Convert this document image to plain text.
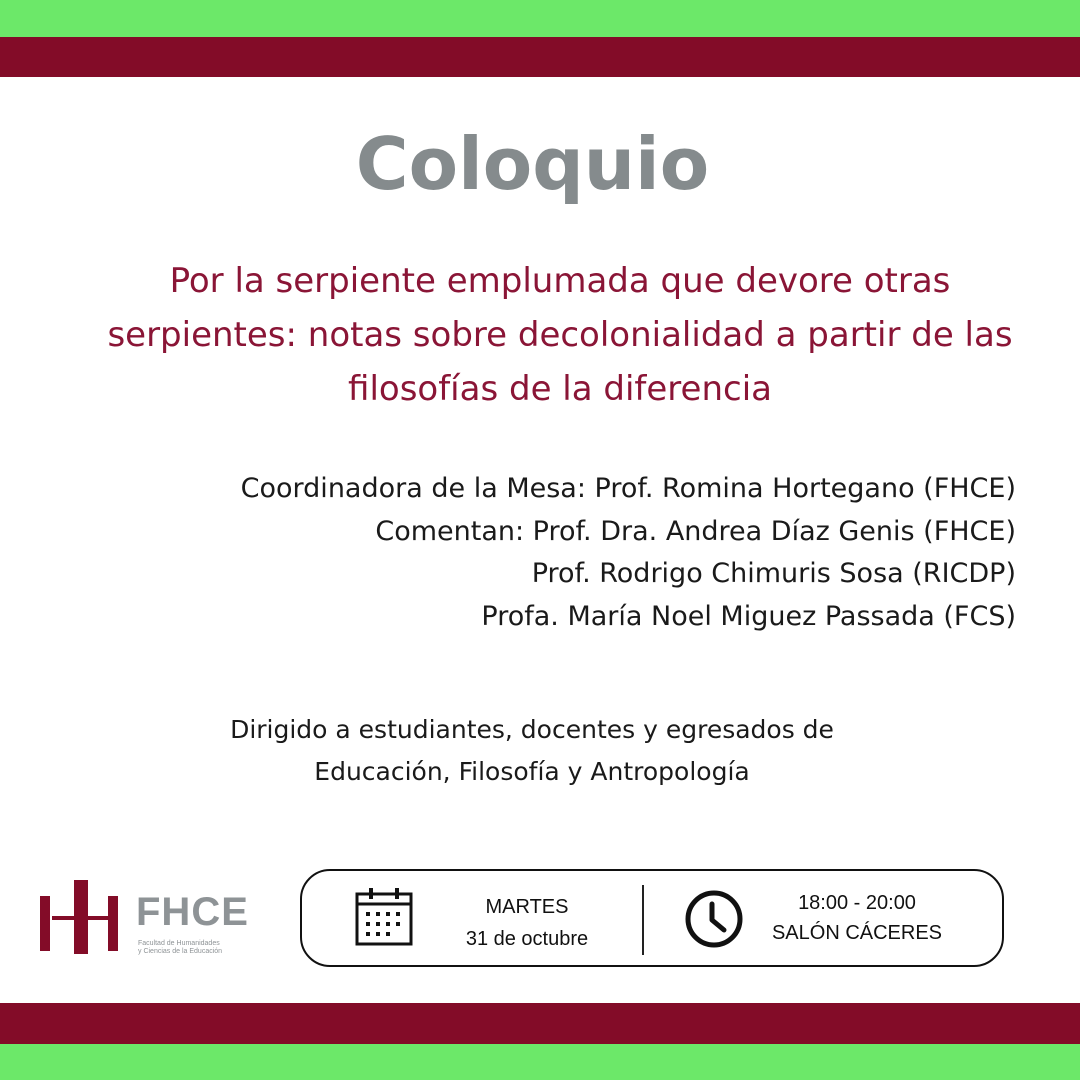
Coloquio
Por la serpiente emplumada que devore otras
serpientes: notas sobre decolonialidad a partir de las
filosofías de la diferencia
Coordinadora de la Mesa: Prof. Romina Hortegano (FHCE)
Comentan: Prof. Dra. Andrea Díaz Genis (FHCE)
Prof. Rodrigo Chimuris Sosa (RICDP)
Profa. María Noel Miguez Passada (FCS)
Dirigido a estudiantes, docentes y egresados de
Educación, Filosofía y Antropología
FHCE
Facultad de Humanidades
y Ciencias de la Educación
MARTES
31 de octubre
18:00 - 20:00
SALÓN CÁCERES
